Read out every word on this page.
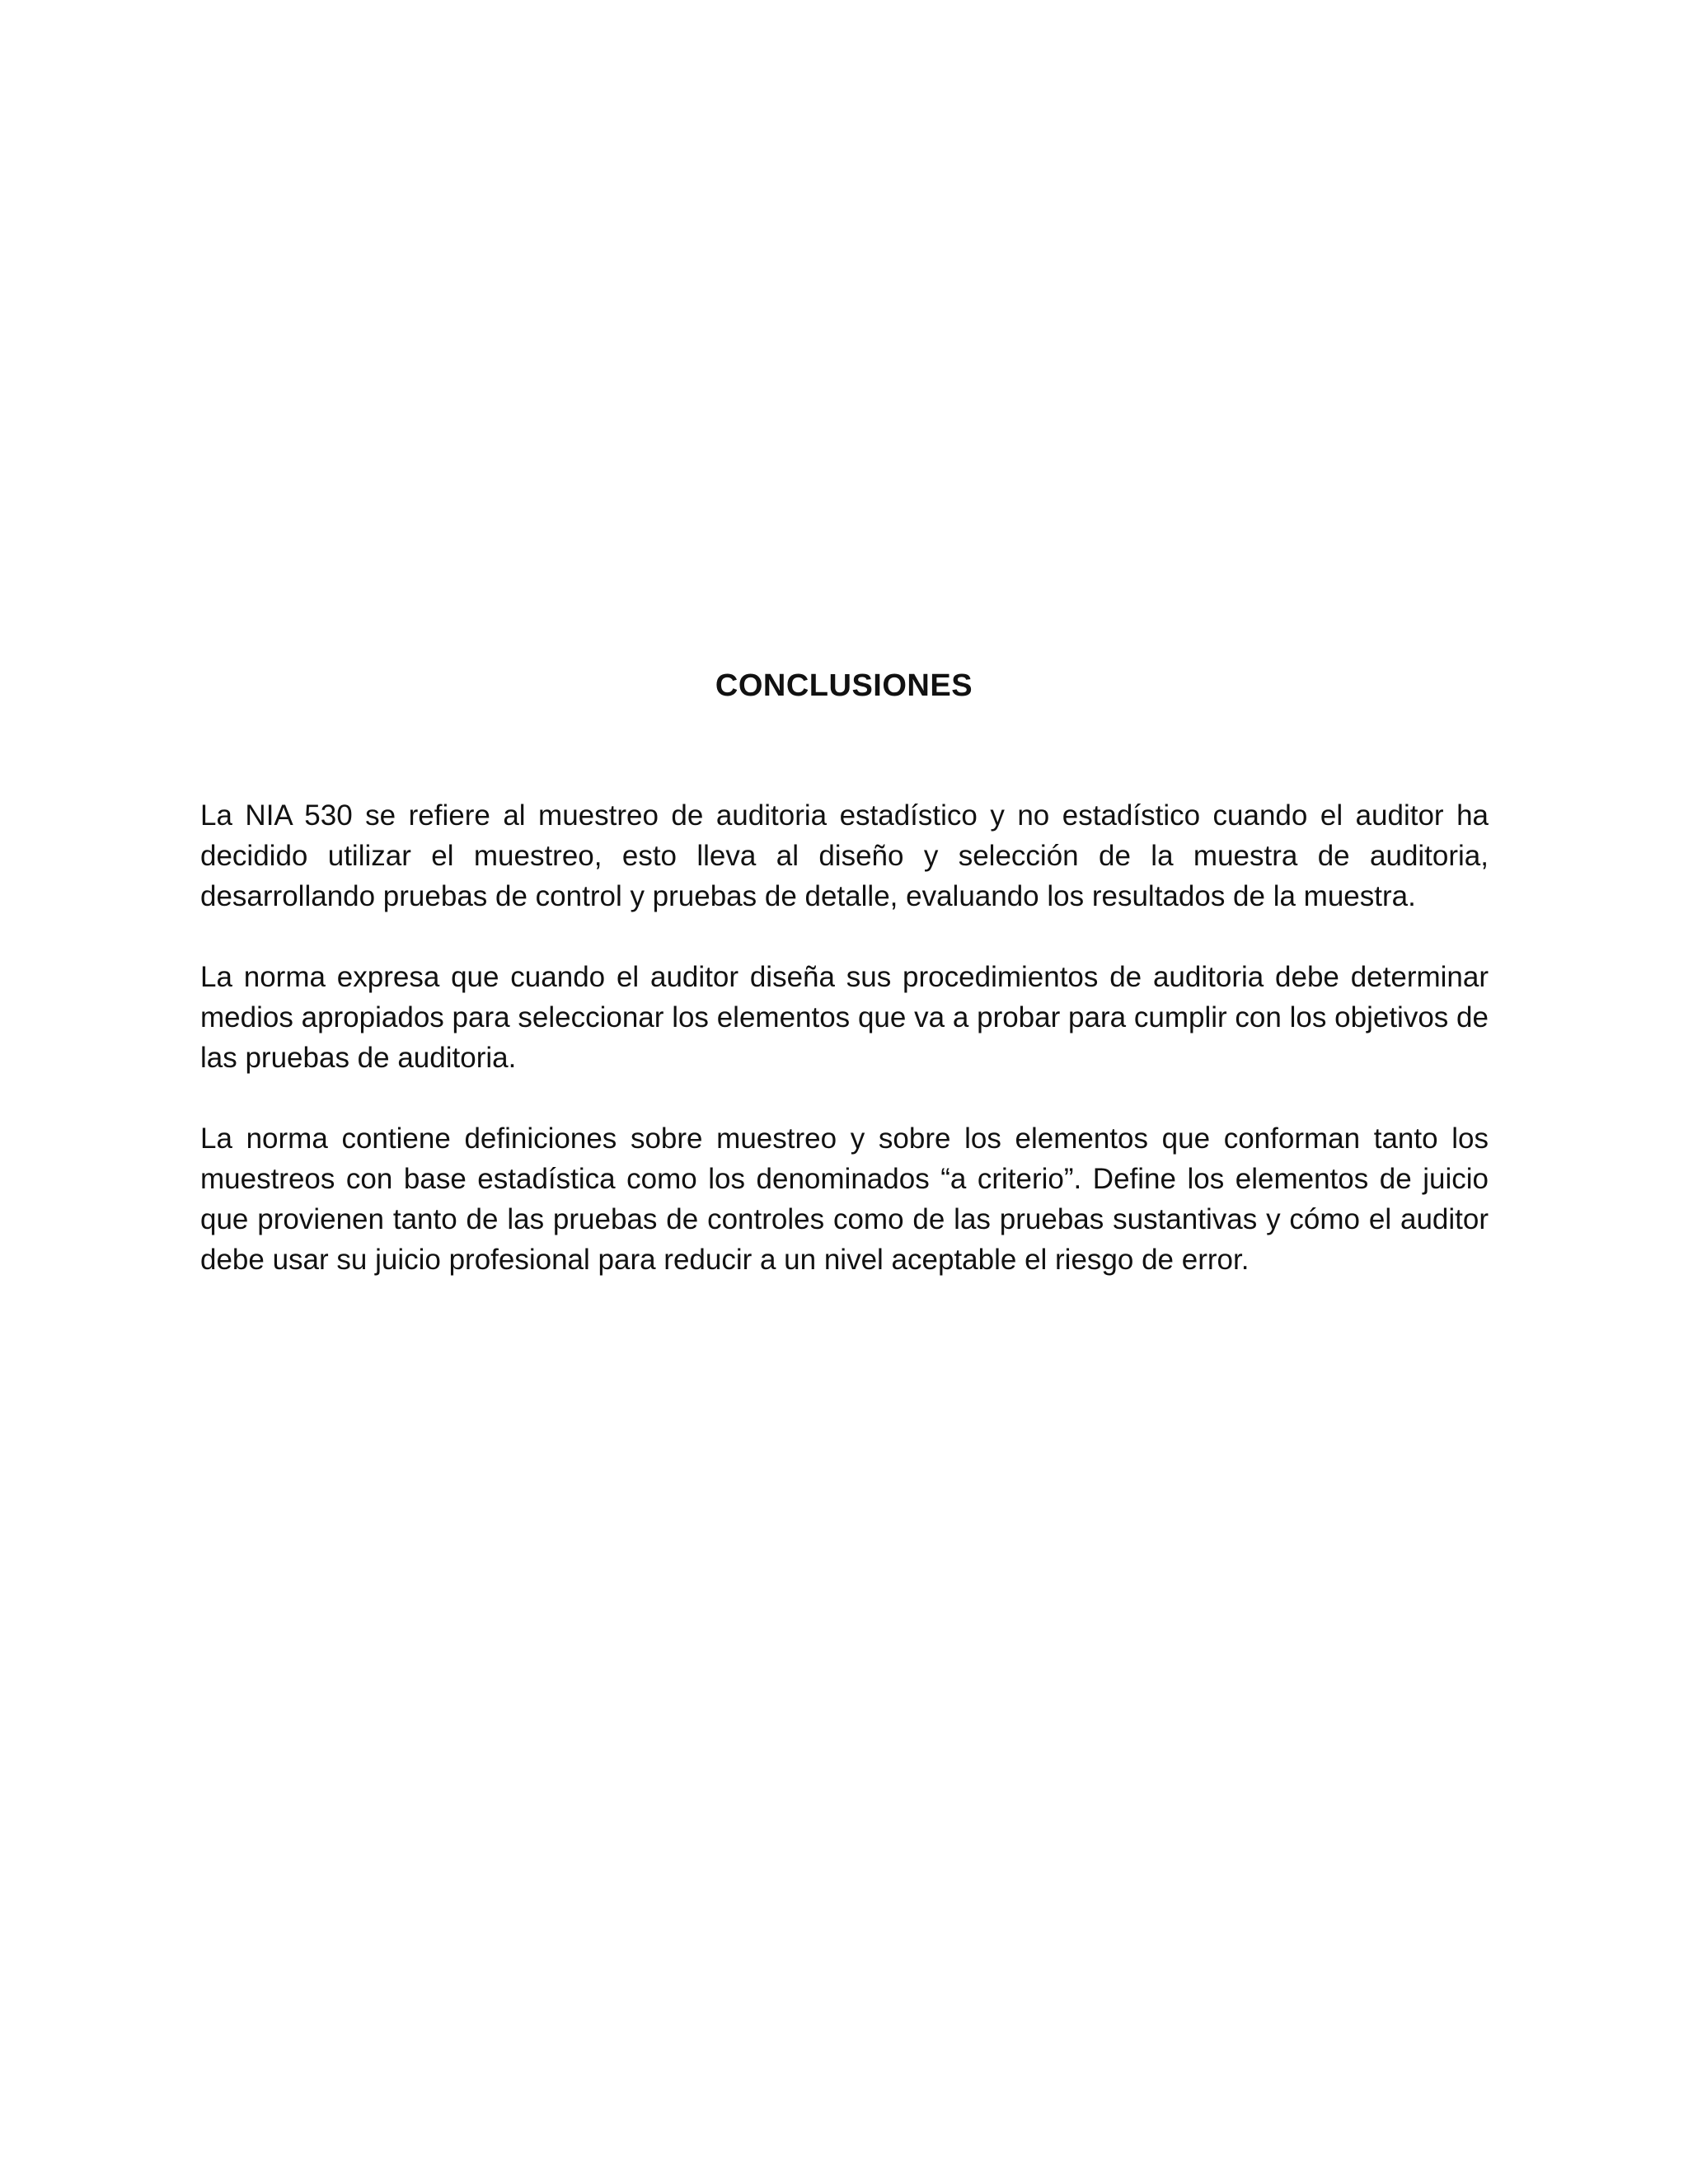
CONCLUSIONES

La NIA 530 se refiere al muestreo de auditoria estadístico y no estadístico cuando el auditor ha decidido utilizar el muestreo, esto lleva al diseño y selección de la muestra de auditoria, desarrollando pruebas de control y pruebas de detalle, evaluando los resultados de la muestra.

La norma expresa que cuando el auditor diseña sus procedimientos de auditoria debe determinar medios apropiados para seleccionar los elementos que va a probar para cumplir con los objetivos de las pruebas de auditoria.

La norma contiene definiciones sobre muestreo y sobre los elementos que conforman tanto los muestreos con base estadística como los denominados “a criterio”. Define los elementos de juicio que provienen tanto de las pruebas de controles como de las pruebas sustantivas y cómo el auditor debe usar su juicio profesional para reducir a un nivel aceptable el riesgo de error.
